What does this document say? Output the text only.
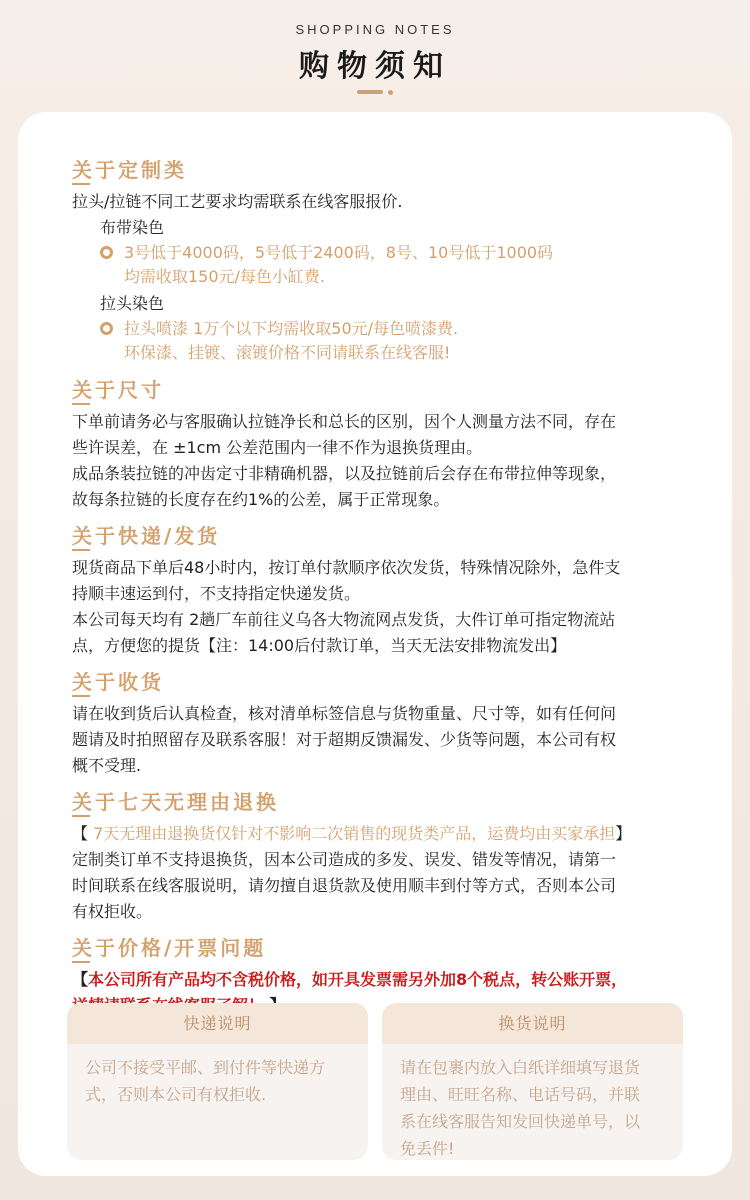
SHOPPING NOTES
购物须知
关于定制类
拉头/拉链不同工艺要求均需联系在线客服报价.
布带染色
3号低于4000码，5号低于2400码，8号、10号低于1000码
均需收取150元/每色小缸费.
拉头染色
拉头喷漆 1万个以下均需收取50元/每色喷漆费.
环保漆、挂镀、滚镀价格不同请联系在线客服!
关于尺寸
下单前请务必与客服确认拉链净长和总长的区别，因个人测量方法不同，存在
些许误差，在 ±1cm 公差范围内一律不作为退换货理由。
成品条装拉链的冲齿定寸非精确机器，以及拉链前后会存在布带拉伸等现象，
故每条拉链的长度存在约1%的公差，属于正常现象。
关于快递/发货
现货商品下单后48小时内，按订单付款顺序依次发货，特殊情况除外，急件支
持顺丰速运到付，不支持指定快递发货。
本公司每天均有 2趟厂车前往义乌各大物流网点发货，大件订单可指定物流站
点，方便您的提货【注：14:00后付款订单，当天无法安排物流发出】
关于收货
请在收到货后认真检查，核对清单标签信息与货物重量、尺寸等，如有任何问
题请及时拍照留存及联系客服！对于超期反馈漏发、少货等问题，本公司有权
概不受理.
关于七天无理由退换
【 7天无理由退换货仅针对不影响二次销售的现货类产品，运费均由买家承担】
定制类订单不支持退换货，因本公司造成的多发、误发、错发等情况，请第一
时间联系在线客服说明，请勿擅自退货款及使用顺丰到付等方式，否则本公司
有权拒收。
关于价格/开票问题
【本公司所有产品均不含税价格，如开具发票需另外加8个税点，转公账开票，
快递说明
公司不接受平邮、到付件等快递方
式，否则本公司有权拒收.
换货说明
请在包裹内放入白纸详细填写退货
理由、旺旺名称、电话号码，并联
系在线客服告知发回快递单号，以
免丢件!
